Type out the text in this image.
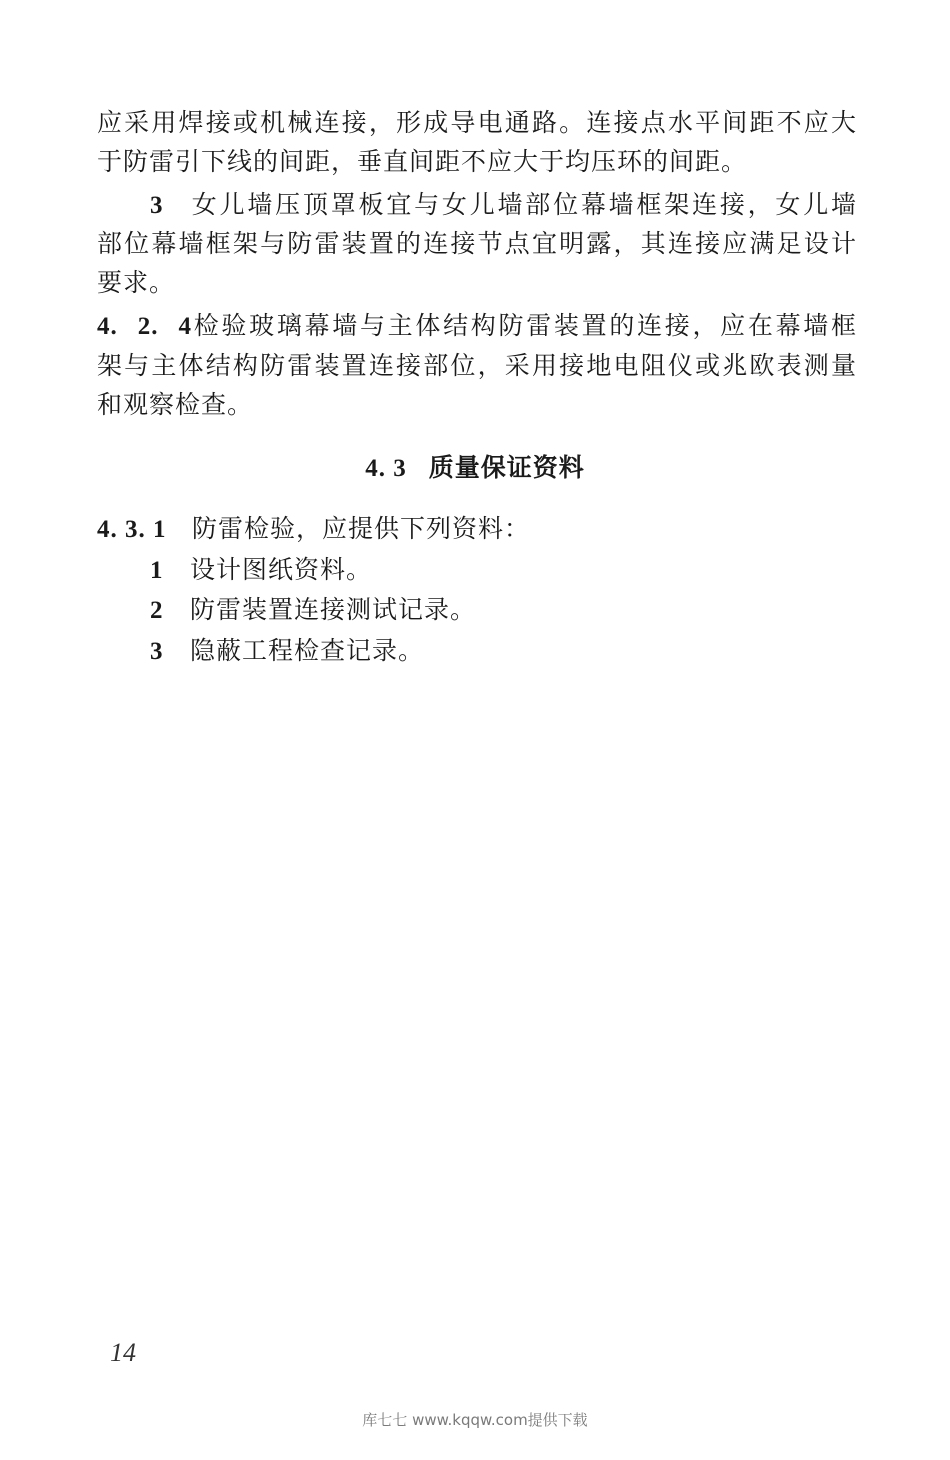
应采用焊接或机械连接，形成导电通路。连接点水平间距不应大
于防雷引下线的间距，垂直间距不应大于均压环的间距。
3 女儿墙压顶罩板宜与女儿墙部位幕墙框架连接，女儿墙
部位幕墙框架与防雷装置的连接节点宜明露，其连接应满足设计
要求。
4. 2. 4检验玻璃幕墙与主体结构防雷装置的连接，应在幕墙框
架与主体结构防雷装置连接部位，采用接地电阻仪或兆欧表测量
和观察检查。
4. 3 质量保证资料
4. 3. 1 防雷检验，应提供下列资料：
1 设计图纸资料。
2 防雷装置连接测试记录。
3 隐蔽工程检查记录。
14
库七七 www.kqqw.com提供下载
